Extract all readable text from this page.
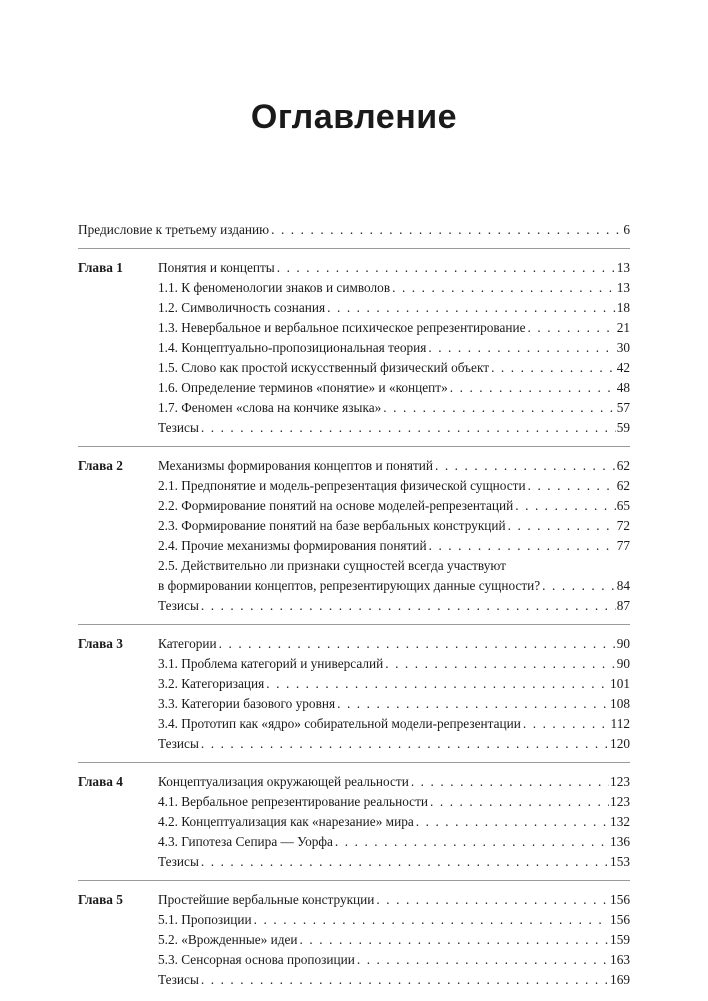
Оглавление
Предисловие к третьему изданию . . .	6
Глава 1	Понятия и концепты . . .	13
1.1. К феноменологии знаков и символов . . .	13
1.2. Символичность сознания . . .	18
1.3. Невербальное и вербальное психическое репрезентирование . . .	21
1.4. Концептуально-пропозициональная теория . . .	30
1.5. Слово как простой искусственный физический объект . . .	42
1.6. Определение терминов «понятие» и «концепт» . . .	48
1.7. Феномен «слова на кончике языка» . . .	57
Тезисы . . .	59
Глава 2	Механизмы формирования концептов и понятий . . .	62
2.1. Предпонятие и модель-репрезентация физической сущности . . .	62
2.2. Формирование понятий на основе моделей-репрезентаций . . .	65
2.3. Формирование понятий на базе вербальных конструкций . . .	72
2.4. Прочие механизмы формирования понятий . . .	77
2.5. Действительно ли признаки сущностей всегда участвуют
в формировании концептов, репрезентирующих данные сущности? . . .	84
Тезисы . . .	87
Глава 3	Категории . . .	90
3.1. Проблема категорий и универсалий . . .	90
3.2. Категоризация . . .	101
3.3. Категории базового уровня . . .	108
3.4. Прототип как «ядро» собирательной модели-репрезентации . . .	112
Тезисы . . .	120
Глава 4	Концептуализация окружающей реальности . . .	123
4.1. Вербальное репрезентирование реальности . . .	123
4.2. Концептуализация как «нарезание» мира . . .	132
4.3. Гипотеза Сепира — Уорфа . . .	136
Тезисы . . .	153
Глава 5	Простейшие вербальные конструкции . . .	156
5.1. Пропозиции . . .	156
5.2. «Врожденные» идеи . . .	159
5.3. Сенсорная основа пропозиции . . .	163
Тезисы . . .	169
